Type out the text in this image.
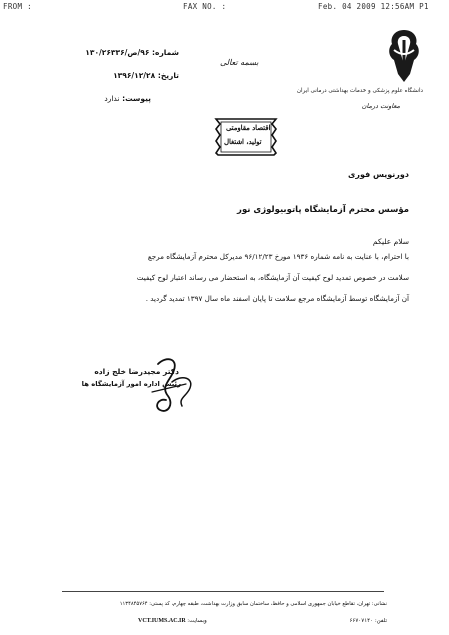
FROM :	FAX NO. :	Feb. 04 2009 12:56AM P1
دانشگاه علوم پزشکی و خدمات بهداشتی درمانی ایران
معاونت درمان
بسمه تعالی
شماره: ۹۶/ص/۱۳۰/۲۶۳۳۶
تاریخ: ۱۳۹۶/۱۲/۲۸
پیوست: ندارد
اقتصاد مقاومتی
تولید، اشتغال
دورنویس فوری
مؤسس محترم آزمایشگاه پاتوبیولوژی نور
سلام علیکم
با احترام، با عنایت به نامه شماره ۱۹۳۶ مورخ ۹۶/۱۲/۲۳ مدیرکل محترم آزمایشگاه مرجع
سلامت در خصوص تمدید لوح کیفیت آن آزمایشگاه، به استحضار می رساند اعتبار لوح کیفیت
آن آزمایشگاه توسط آزمایشگاه مرجع سلامت تا پایان اسفند ماه سال ۱۳۹۷ تمدید گردید .
دکتر مجیدرضا خلج زاده
رئیس اداره امور آزمایشگاه ها
نشانی: تهران، تقاطع خیابان جمهوری اسلامی و حافظ، ساختمان سابق وزارت بهداشت، طبقه چهارم، کد پستی: ۱۱۳۴۸۴۵۷۶۴
VCT.IUMS.AC.IR وبسایت:	تلفن: ۶۶۷۰۷۱۴۰
